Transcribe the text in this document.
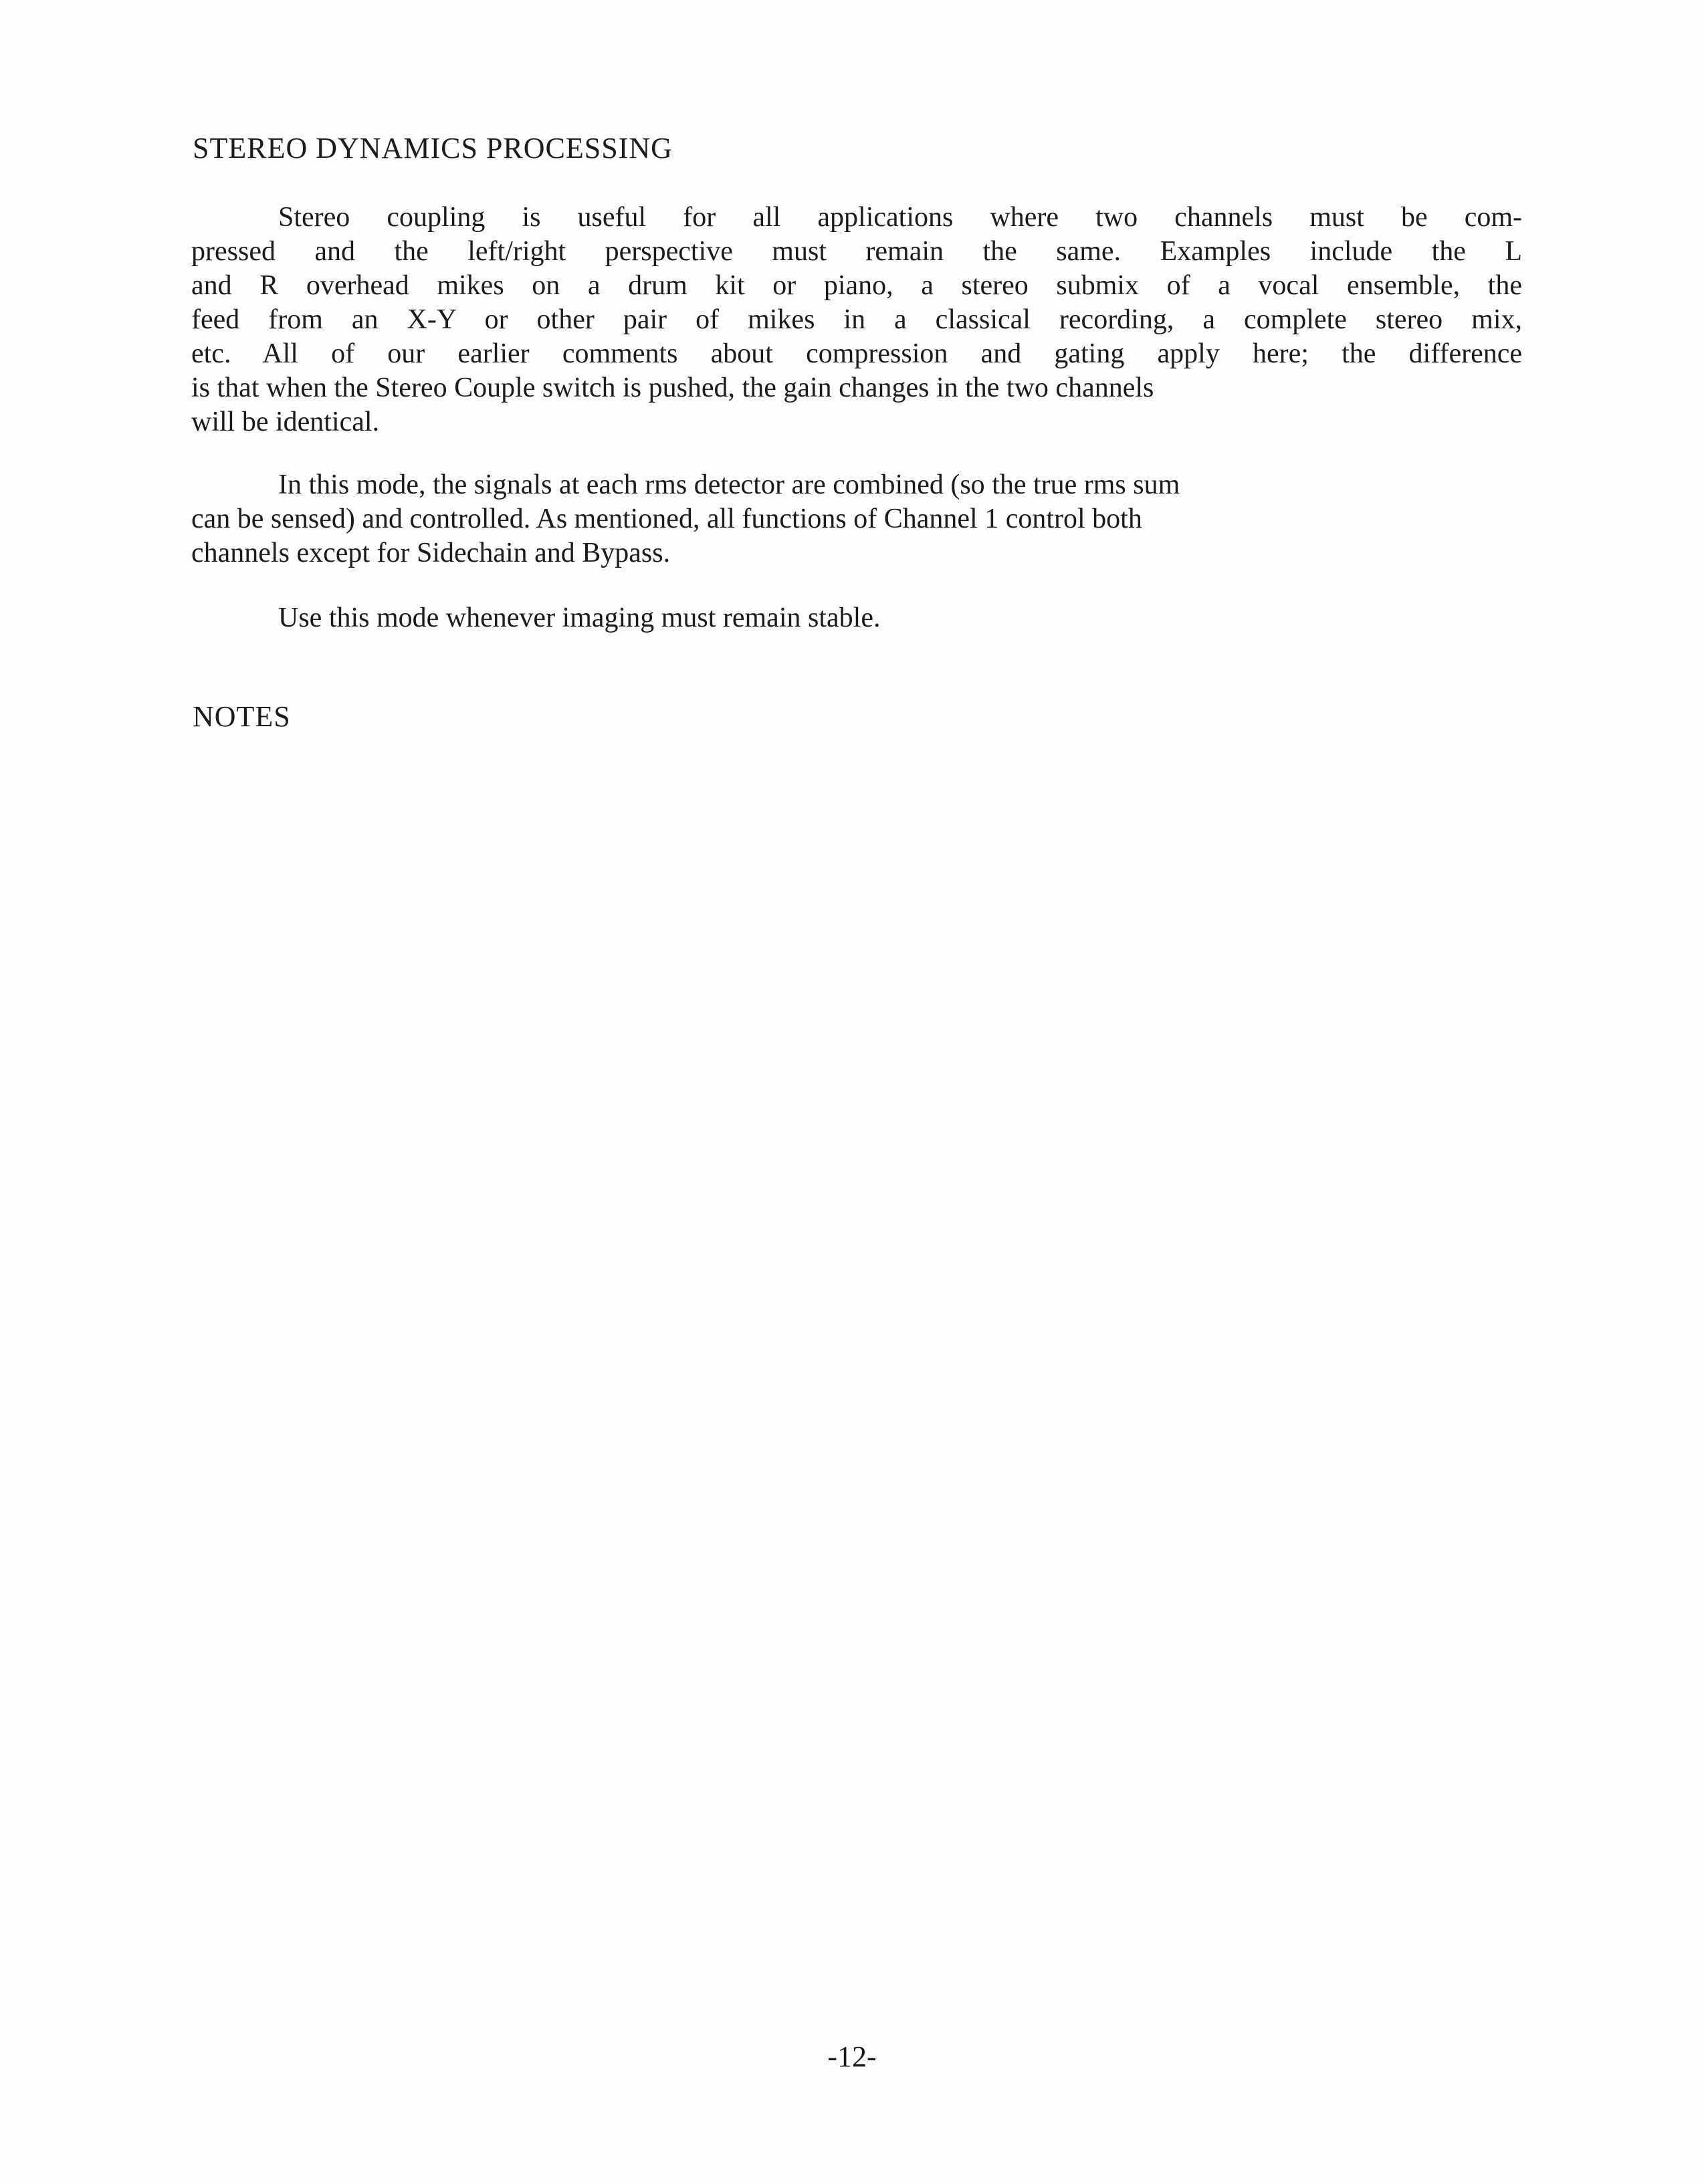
STEREO DYNAMICS PROCESSING
Stereo coupling is useful for all applications where two channels must be com-
pressed and the left/right perspective must remain the same. Examples include the L
and R overhead mikes on a drum kit or piano, a stereo submix of a vocal ensemble, the
feed from an X-Y or other pair of mikes in a classical recording, a complete stereo mix,
etc. All of our earlier comments about compression and gating apply here; the difference
is that when the Stereo Couple switch is pushed, the gain changes in the two channels
will be identical.
In this mode, the signals at each rms detector are combined (so the true rms sum
can be sensed) and controlled. As mentioned, all functions of Channel 1 control both
channels except for Sidechain and Bypass.
Use this mode whenever imaging must remain stable.
NOTES
-12-
